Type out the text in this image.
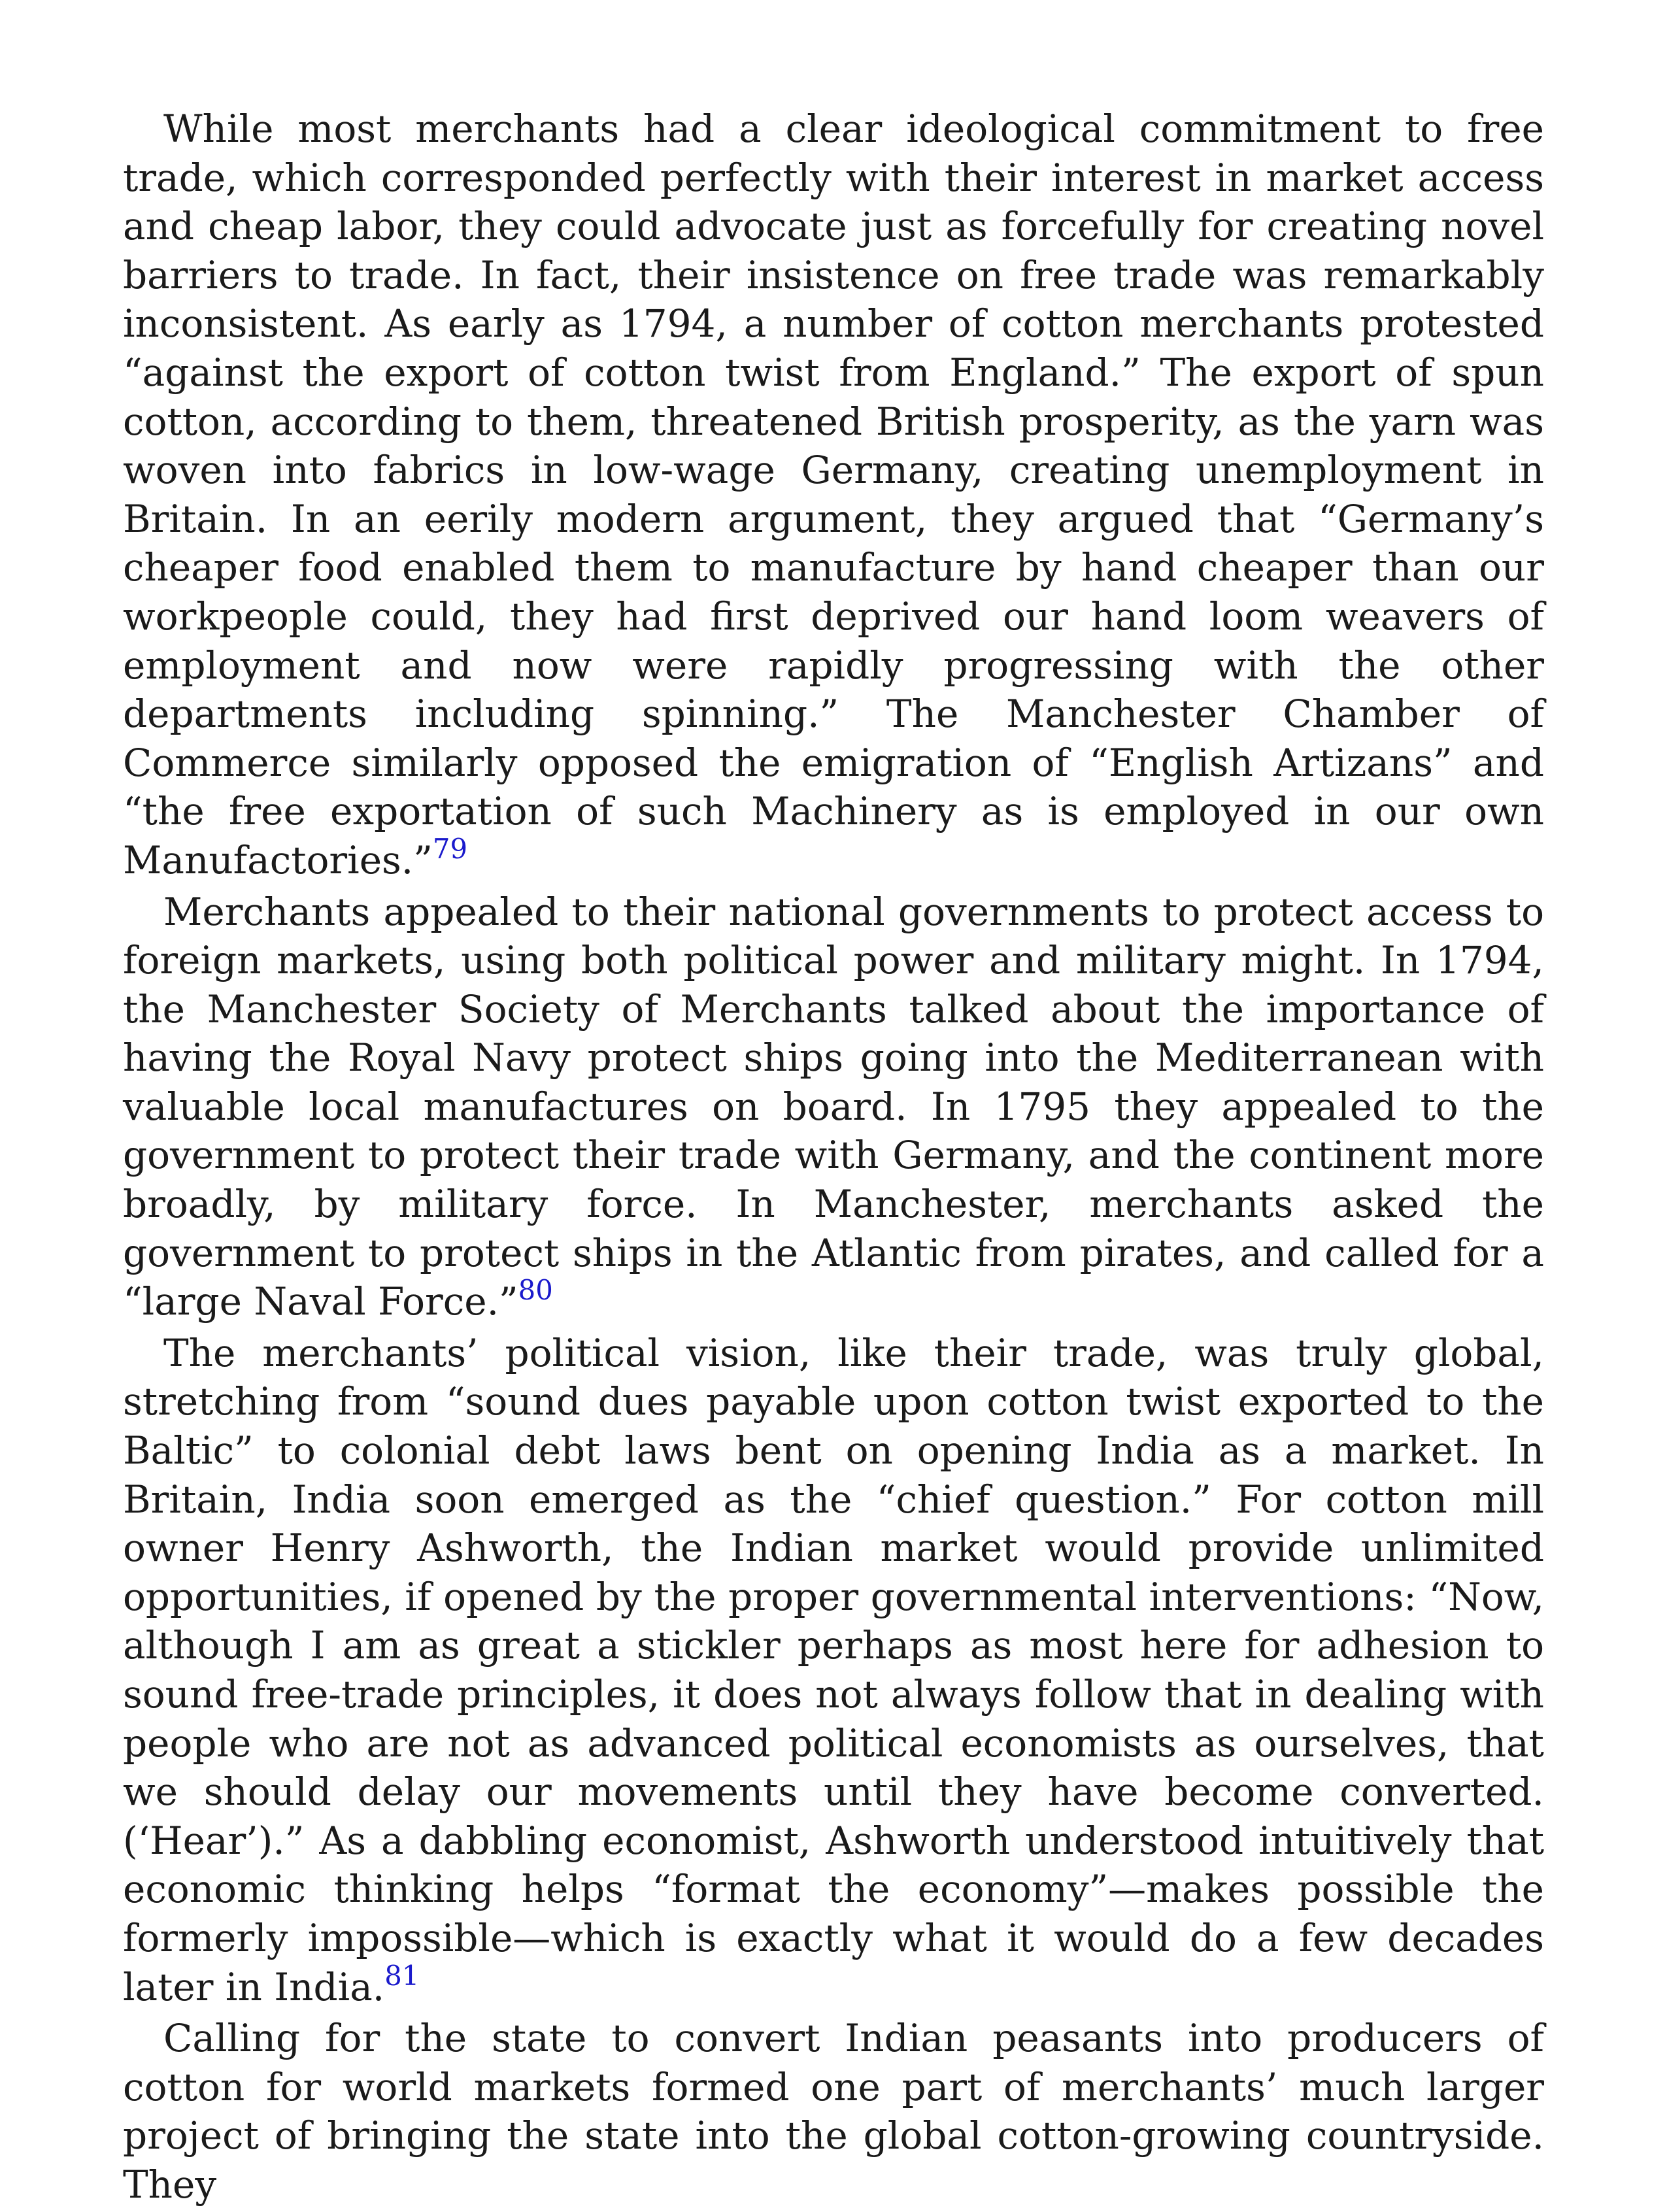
While most merchants had a clear ideological commitment to free trade, which corresponded perfectly with their interest in market access and cheap labor, they could advocate just as forcefully for creating novel barriers to trade. In fact, their insistence on free trade was remarkably inconsistent. As early as 1794, a number of cotton merchants protested “against the export of cotton twist from England.” The export of spun cotton, according to them, threatened British prosperity, as the yarn was woven into fabrics in low-wage Germany, creating unemployment in Britain. In an eerily modern argument, they argued that “Germany’s cheaper food enabled them to manufacture by hand cheaper than our workpeople could, they had first deprived our hand loom weavers of employment and now were rapidly progressing with the other departments including spinning.” The Manchester Chamber of Commerce similarly opposed the emigration of “English Artizans” and “the free exportation of such Machinery as is employed in our own Manufactories.”$^{79}$

Merchants appealed to their national governments to protect access to foreign markets, using both political power and military might. In 1794, the Manchester Society of Merchants talked about the importance of having the Royal Navy protect ships going into the Mediterranean with valuable local manufactures on board. In 1795 they appealed to the government to protect their trade with Germany, and the continent more broadly, by military force. In Manchester, merchants asked the government to protect ships in the Atlantic from pirates, and called for a “large Naval Force.”$^{80}$

The merchants’ political vision, like their trade, was truly global, stretching from “sound dues payable upon cotton twist exported to the Baltic” to colonial debt laws bent on opening India as a market. In Britain, India soon emerged as the “chief question.” For cotton mill owner Henry Ashworth, the Indian market would provide unlimited opportunities, if opened by the proper governmental interventions: “Now, although I am as great a stickler perhaps as most here for adhesion to sound free-trade principles, it does not always follow that in dealing with people who are not as advanced political economists as ourselves, that we should delay our movements until they have become converted. (‘Hear’).” As a dabbling economist, Ashworth understood intuitively that economic thinking helps “format the economy”—makes possible the formerly impossible—which is exactly what it would do a few decades later in India.$^{81}$

Calling for the state to convert Indian peasants into producers of cotton for world markets formed one part of merchants’ much larger project of bringing the state into the global cotton-growing countryside. They
